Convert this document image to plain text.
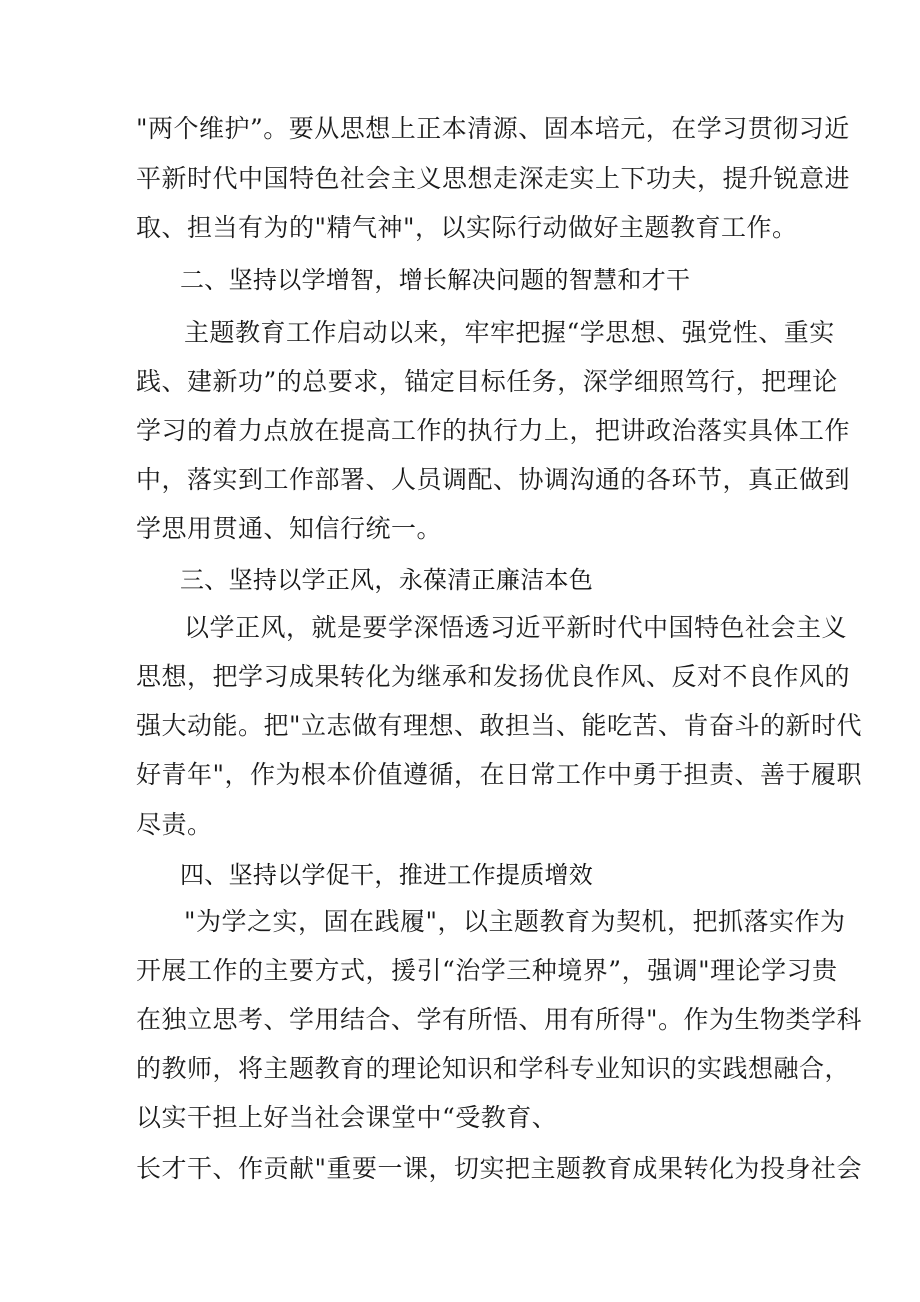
"两个维护”。要从思想上正本清源、固本培元，在学习贯彻习近
平新时代中国特色社会主义思想走深走实上下功夫，提升锐意进
取、担当有为的"精气神"，以实际行动做好主题教育工作。
二、坚持以学增智，增长解决问题的智慧和才干
主题教育工作启动以来，牢牢把握“学思想、强党性、重实
践、建新功”的总要求，锚定目标任务，深学细照笃行，把理论
学习的着力点放在提高工作的执行力上，把讲政治落实具体工作
中，落实到工作部署、人员调配、协调沟通的各环节，真正做到
学思用贯通、知信行统一。
三、坚持以学正风，永葆清正廉洁本色
以学正风，就是要学深悟透习近平新时代中国特色社会主义
思想，把学习成果转化为继承和发扬优良作风、反对不良作风的
强大动能。把"立志做有理想、敢担当、能吃苦、肯奋斗的新时代
好青年"，作为根本价值遵循，在日常工作中勇于担责、善于履职
尽责。
四、坚持以学促干，推进工作提质增效
"为学之实，固在践履"，以主题教育为契机，把抓落实作为
开展工作的主要方式，援引“治学三种境界”，强调"理论学习贵
在独立思考、学用结合、学有所悟、用有所得"。作为生物类学科
的教师，将主题教育的理论知识和学科专业知识的实践想融合，
以实干担上好当社会课堂中“受教育、
长才干、作贡献"重要一课，切实把主题教育成果转化为投身社会
